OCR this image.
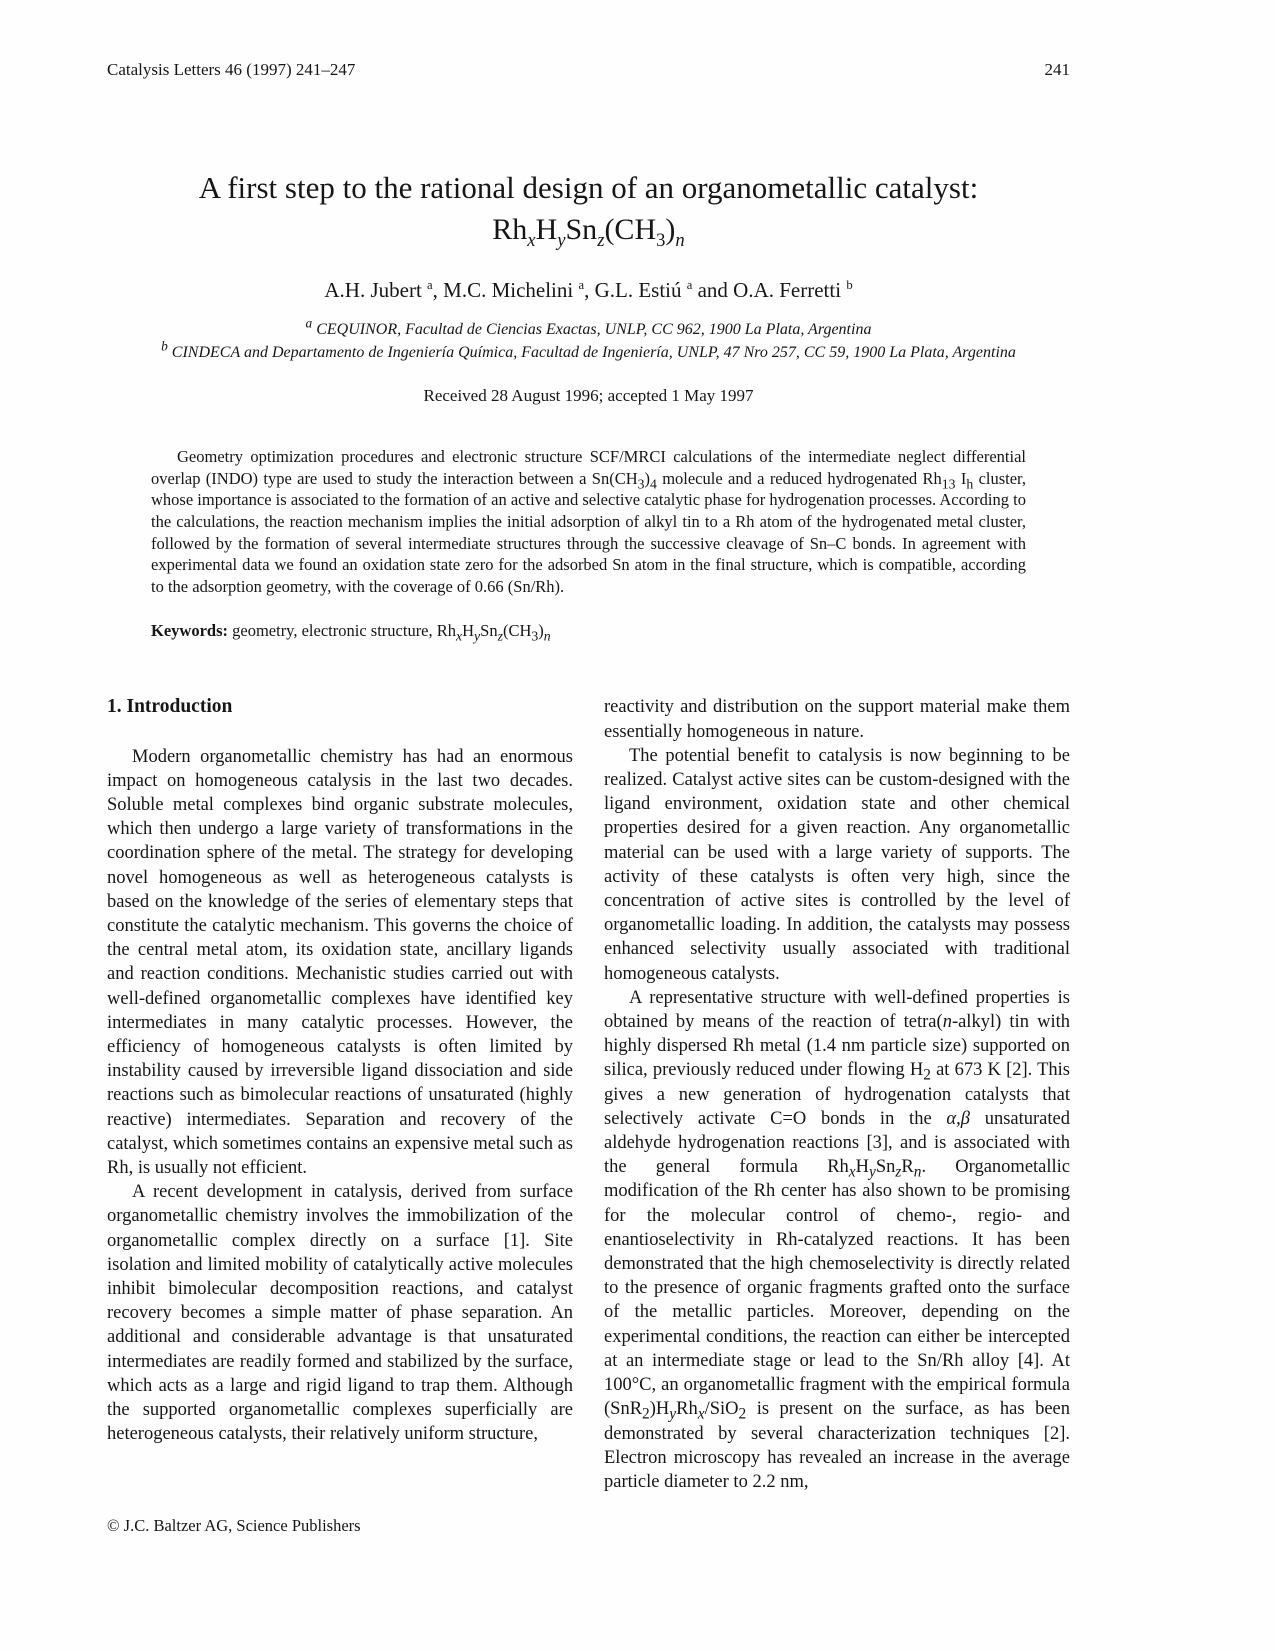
Catalysis Letters 46 (1997) 241–247	241
A first step to the rational design of an organometallic catalyst:
$Rh_xH_ySn_z(CH_3)_n$
A.H. Jubert $^a$, M.C. Michelini $^a$, G.L. Estiú $^a$ and O.A. Ferretti $^b$
$^a$ CEQUINOR, Facultad de Ciencias Exactas, UNLP, CC 962, 1900 La Plata, Argentina
$^b$ CINDECA and Departamento de Ingeniería Química, Facultad de Ingeniería, UNLP, 47 Nro 257, CC 59, 1900 La Plata, Argentina
Received 28 August 1996; accepted 1 May 1997
Geometry optimization procedures and electronic structure SCF/MRCI calculations of the intermediate neglect differential overlap (INDO) type are used to study the interaction between a $Sn(CH_3)_4$ molecule and a reduced hydrogenated $Rh_{13}$ $I_h$ cluster, whose importance is associated to the formation of an active and selective catalytic phase for hydrogenation processes. According to the calculations, the reaction mechanism implies the initial adsorption of alkyl tin to a Rh atom of the hydrogenated metal cluster, followed by the formation of several intermediate structures through the successive cleavage of Sn–C bonds. In agreement with experimental data we found an oxidation state zero for the adsorbed Sn atom in the final structure, which is compatible, according to the adsorption geometry, with the coverage of 0.66 (Sn/Rh).
Keywords: geometry, electronic structure, $Rh_xH_ySn_z(CH_3)_n$
1. Introduction

Modern organometallic chemistry has had an enormous impact on homogeneous catalysis in the last two decades. Soluble metal complexes bind organic substrate molecules, which then undergo a large variety of transformations in the coordination sphere of the metal. The strategy for developing novel homogeneous as well as heterogeneous catalysts is based on the knowledge of the series of elementary steps that constitute the catalytic mechanism. This governs the choice of the central metal atom, its oxidation state, ancillary ligands and reaction conditions. Mechanistic studies carried out with well-defined organometallic complexes have identified key intermediates in many catalytic processes. However, the efficiency of homogeneous catalysts is often limited by instability caused by irreversible ligand dissociation and side reactions such as bimolecular reactions of unsaturated (highly reactive) intermediates. Separation and recovery of the catalyst, which sometimes contains an expensive metal such as Rh, is usually not efficient.

A recent development in catalysis, derived from surface organometallic chemistry involves the immobilization of the organometallic complex directly on a surface [1]. Site isolation and limited mobility of catalytically active molecules inhibit bimolecular decomposition reactions, and catalyst recovery becomes a simple matter of phase separation. An additional and considerable advantage is that unsaturated intermediates are readily formed and stabilized by the surface, which acts as a large and rigid ligand to trap them. Although the supported organometallic complexes superficially are heterogeneous catalysts, their relatively uniform structure,

reactivity and distribution on the support material make them essentially homogeneous in nature.

The potential benefit to catalysis is now beginning to be realized. Catalyst active sites can be custom-designed with the ligand environment, oxidation state and other chemical properties desired for a given reaction. Any organometallic material can be used with a large variety of supports. The activity of these catalysts is often very high, since the concentration of active sites is controlled by the level of organometallic loading. In addition, the catalysts may possess enhanced selectivity usually associated with traditional homogeneous catalysts.

A representative structure with well-defined properties is obtained by means of the reaction of tetra(n-alkyl) tin with highly dispersed Rh metal (1.4 nm particle size) supported on silica, previously reduced under flowing $H_2$ at 673 K [2]. This gives a new generation of hydrogenation catalysts that selectively activate C=O bonds in the α,β unsaturated aldehyde hydrogenation reactions [3], and is associated with the general formula $Rh_xH_ySn_zR_n$. Organometallic modification of the Rh center has also shown to be promising for the molecular control of chemo-, regio- and enantioselectivity in Rh-catalyzed reactions. It has been demonstrated that the high chemoselectivity is directly related to the presence of organic fragments grafted onto the surface of the metallic particles. Moreover, depending on the experimental conditions, the reaction can either be intercepted at an intermediate stage or lead to the Sn/Rh alloy [4]. At 100°C, an organometallic fragment with the empirical formula $(SnR_2)H_yRh_x/SiO_2$ is present on the surface, as has been demonstrated by several characterization techniques [2]. Electron microscopy has revealed an increase in the average particle diameter to 2.2 nm,

© J.C. Baltzer AG, Science Publishers
